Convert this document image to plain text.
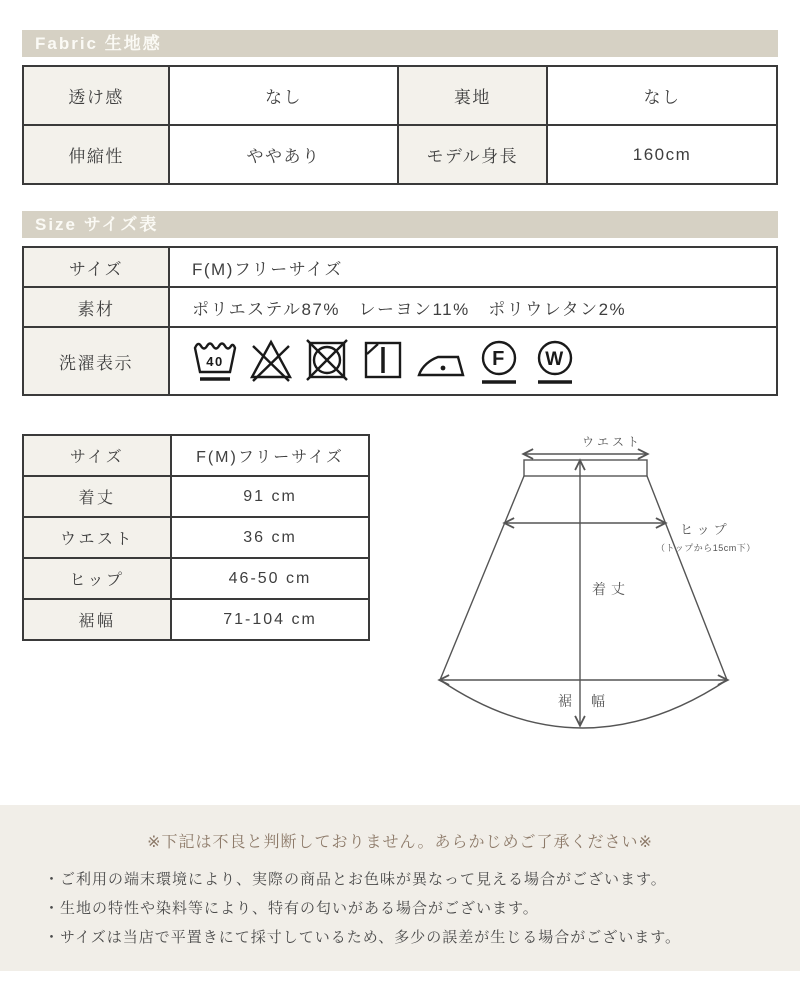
Fabric 生地感
透け感	なし	裏地	なし
伸縮性	ややあり	モデル身長	160cm
Size サイズ表
サイズ	F(M)フリーサイズ
素材	ポリエステル87%　レーヨン11%　ポリウレタン2%
洗濯表示	40 F W
サイズ	F(M)フリーサイズ
着丈	91 cm
ウエスト	36 cm
ヒップ	46-50 cm
裾幅	71-104 cm
ウエスト
ヒップ
（トップから15cm下）
着丈
裾 幅

※下記は不良と判断しておりません。あらかじめご了承ください※

・ご利用の端末環境により、実際の商品とお色味が異なって見える場合がございます。
・生地の特性や染料等により、特有の匂いがある場合がございます。
・サイズは当店で平置きにて採寸しているため、多少の誤差が生じる場合がございます。
